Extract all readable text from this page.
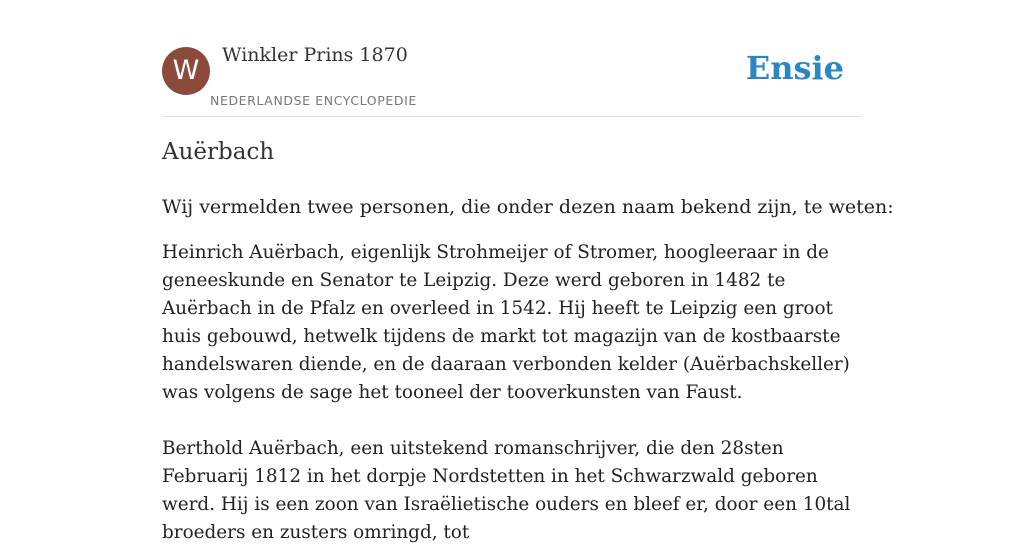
W	Winkler Prins 1870
NEDERLANDSE ENCYCLOPEDIE
Ensie
Auërbach

Wij vermelden twee personen, die onder dezen naam bekend zijn, te weten:

Heinrich Auërbach, eigenlijk Strohmeijer of Stromer, hoogleeraar in de geneeskunde en Senator te Leipzig. Deze werd geboren in 1482 te Auërbach in de Pfalz en overleed in 1542. Hij heeft te Leipzig een groot huis gebouwd, hetwelk tijdens de markt tot magazijn van de kostbaarste handelswaren diende, en de daaraan verbonden kelder (Auërbachskeller) was volgens de sage het tooneel der tooverkunsten van Faust.

Berthold Auërbach, een uitstekend romanschrijver, die den 28sten Februarij 1812 in het dorpje Nordstetten in het Schwarzwald geboren werd. Hij is een zoon van Israëlietische ouders en bleef er, door een 10tal broeders en zusters omringd, tot
